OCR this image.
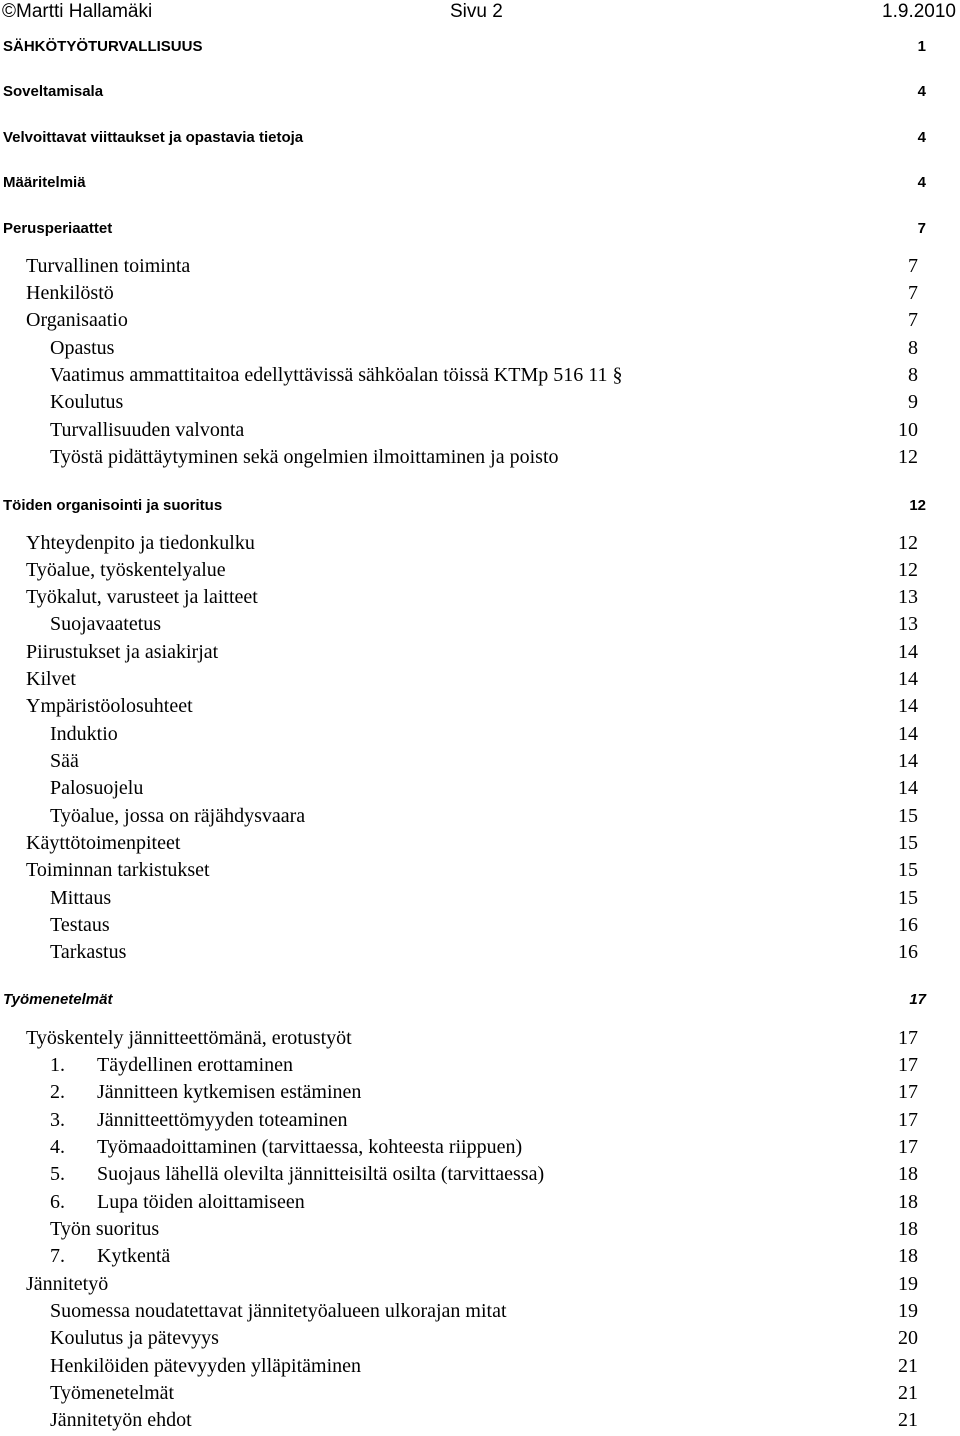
©Martti Hallamäki	Sivu 2	1.9.2010
SÄHKÖTYÖTURVALLISUUS	1
Soveltamisala	4
Velvoittavat viittaukset ja opastavia tietoja	4
Määritelmiä	4
Perusperiaattet	7
Turvallinen toiminta	7
Henkilöstö	7
Organisaatio	7
Opastus	8
Vaatimus ammattitaitoa edellyttävissä sähköalan töissä KTMp 516 11 §	8
Koulutus	9
Turvallisuuden valvonta	10
Työstä pidättäytyminen sekä ongelmien ilmoittaminen ja poisto	12
Töiden organisointi ja suoritus	12
Yhteydenpito ja tiedonkulku	12
Työalue, työskentelyalue	12
Työkalut, varusteet ja laitteet	13
Suojavaatetus	13
Piirustukset ja asiakirjat	14
Kilvet	14
Ympäristöolosuhteet	14
Induktio	14
Sää	14
Palosuojelu	14
Työalue, jossa on räjähdysvaara	15
Käyttötoimenpiteet	15
Toiminnan tarkistukset	15
Mittaus	15
Testaus	16
Tarkastus	16
Työmenetelmät	17
Työskentely jännitteettömänä, erotustyöt	17
1. Täydellinen erottaminen	17
2. Jännitteen kytkemisen estäminen	17
3. Jännitteettömyyden toteaminen	17
4. Työmaadoittaminen (tarvittaessa, kohteesta riippuen)	17
5. Suojaus lähellä olevilta jännitteisiltä osilta (tarvittaessa)	18
6. Lupa töiden aloittamiseen	18
Työn suoritus	18
7. Kytkentä	18
Jännitetyö	19
Suomessa noudatettavat jännitetyöalueen ulkorajan mitat	19
Koulutus ja pätevyys	20
Henkilöiden pätevyyden ylläpitäminen	21
Työmenetelmät	21
Jännitetyön ehdot	21
